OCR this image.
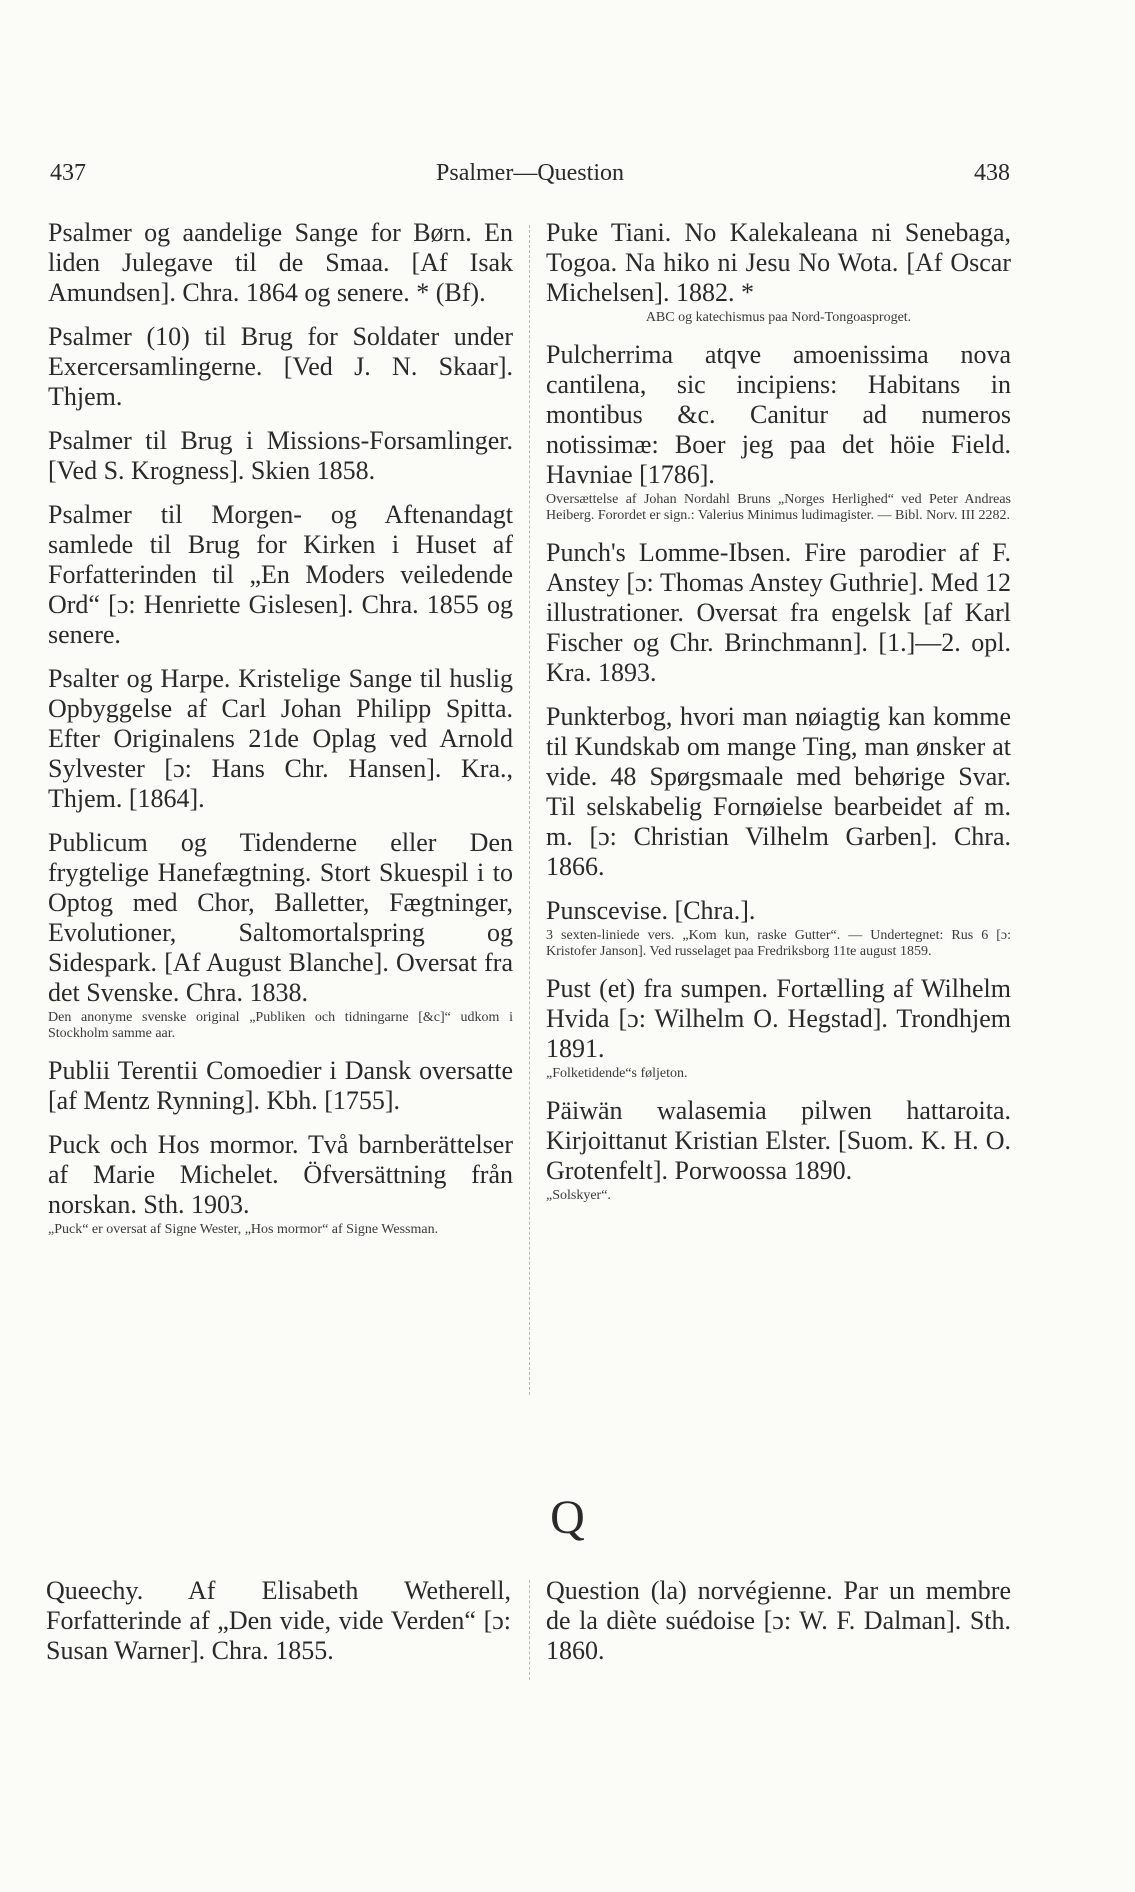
437	Psalmer—Question	438

Psalmer og aandelige Sange for Børn. En liden Julegave til de Smaa. [Af Isak Amundsen]. Chra. 1864 og senere. * (Bf).

Psalmer (10) til Brug for Soldater under Exercersamlingerne. [Ved J. N. Skaar]. Thjem.

Psalmer til Brug i Missions-Forsamlinger. [Ved S. Krogness]. Skien 1858.

Psalmer til Morgen- og Aftenandagt samlede til Brug for Kirken i Huset af Forfatterinden til „En Moders veiledende Ord“ [ɔ: Henriette Gislesen]. Chra. 1855 og senere.

Psalter og Harpe. Kristelige Sange til huslig Opbyggelse af Carl Johan Philipp Spitta. Efter Originalens 21de Oplag ved Arnold Sylvester [ɔ: Hans Chr. Hansen]. Kra., Thjem. [1864].

Publicum og Tidenderne eller Den frygtelige Hanefægtning. Stort Skuespil i to Optog med Chor, Balletter, Fægtninger, Evolutioner, Saltomortalspring og Sidespark. [Af August Blanche]. Oversat fra det Svenske. Chra. 1838.

Den anonyme svenske original „Publiken och tidningarne [&c]“ udkom i Stockholm samme aar.

Publii Terentii Comoedier i Dansk oversatte [af Mentz Rynning]. Kbh. [1755].

Puck och Hos mormor. Två barnberättelser af Marie Michelet. Öfversättning från norskan. Sth. 1903.

„Puck“ er oversat af Signe Wester, „Hos mormor“ af Signe Wessman.

Puke Tiani. No Kalekaleana ni Senebaga, Togoa. Na hiko ni Jesu No Wota. [Af Oscar Michelsen]. 1882. *

ABC og katechismus paa Nord-Tongoasproget.

Pulcherrima atqve amoenissima nova cantilena, sic incipiens: Habitans in montibus &c. Canitur ad numeros notissimæ: Boer jeg paa det höie Field. Havniae [1786].

Oversættelse af Johan Nordahl Bruns „Norges Herlighed“ ved Peter Andreas Heiberg. Forordet er sign.: Valerius Minimus ludimagister. — Bibl. Norv. III 2282.

Punch's Lomme-Ibsen. Fire parodier af F. Anstey [ɔ: Thomas Anstey Guthrie]. Med 12 illustrationer. Oversat fra engelsk [af Karl Fischer og Chr. Brinchmann]. [1.]—2. opl. Kra. 1893.

Punkterbog, hvori man nøiagtig kan komme til Kundskab om mange Ting, man ønsker at vide. 48 Spørgsmaale med behørige Svar. Til selskabelig Fornøielse bearbeidet af m. m. [ɔ: Christian Vilhelm Garben]. Chra. 1866.

Punscevise. [Chra.].

3 sexten-liniede vers. „Kom kun, raske Gutter“. — Undertegnet: Rus 6 [ɔ: Kristofer Janson]. Ved russelaget paa Fredriksborg 11te august 1859.

Pust (et) fra sumpen. Fortælling af Wilhelm Hvida [ɔ: Wilhelm O. Hegstad]. Trondhjem 1891.

„Folketidende“s føljeton.

Päiwän walasemia pilwen hattaroita. Kirjoittanut Kristian Elster. [Suom. K. H. O. Grotenfelt]. Porwoossa 1890.

„Solskyer“.

Q

Queechy. Af Elisabeth Wetherell, Forfatterinde af „Den vide, vide Verden“ [ɔ: Susan Warner]. Chra. 1855.

Question (la) norvégienne. Par un membre de la diète suédoise [ɔ: W. F. Dalman]. Sth. 1860.
